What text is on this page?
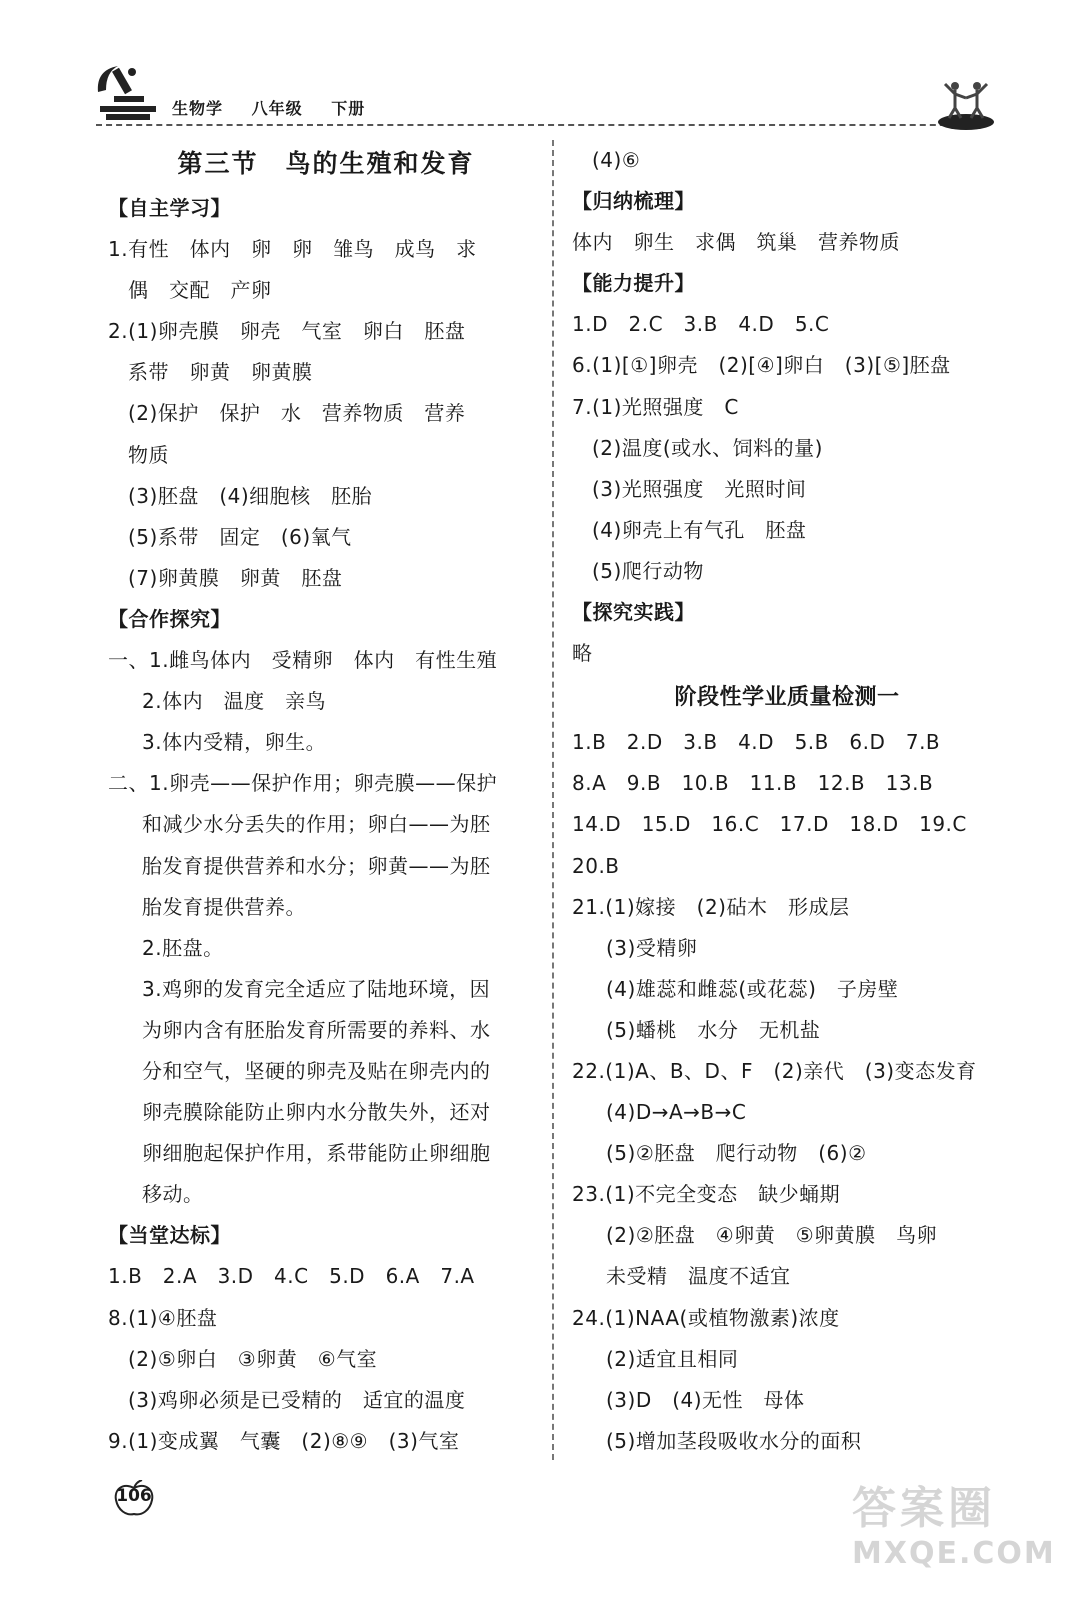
生物学 八年级 下册
第三节　鸟的生殖和发育
【自主学习】
1.有性　体内　卵　卵　雏鸟　成鸟　求
偶　交配　产卵
2.(1)卵壳膜　卵壳　气室　卵白　胚盘
系带　卵黄　卵黄膜
(2)保护　保护　水　营养物质　营养
物质
(3)胚盘　(4)细胞核　胚胎
(5)系带　固定　(6)氧气
(7)卵黄膜　卵黄　胚盘
【合作探究】
一、1.雌鸟体内　受精卵　体内　有性生殖
2.体内　温度　亲鸟
3.体内受精，卵生。
二、1.卵壳——保护作用；卵壳膜——保护
和减少水分丢失的作用；卵白——为胚
胎发育提供营养和水分；卵黄——为胚
胎发育提供营养。
2.胚盘。
3.鸡卵的发育完全适应了陆地环境，因
为卵内含有胚胎发育所需要的养料、水
分和空气，坚硬的卵壳及贴在卵壳内的
卵壳膜除能防止卵内水分散失外，还对
卵细胞起保护作用，系带能防止卵细胞
移动。
【当堂达标】
1.B　2.A　3.D　4.C　5.D　6.A　7.A
8.(1)④胚盘
(2)⑤卵白　③卵黄　⑥气室
(3)鸡卵必须是已受精的　适宜的温度
9.(1)变成翼　气囊　(2)⑧⑨　(3)气室
(4)⑥
【归纳梳理】
体内　卵生　求偶　筑巢　营养物质
【能力提升】
1.D　2.C　3.B　4.D　5.C
6.(1)[①]卵壳　(2)[④]卵白　(3)[⑤]胚盘
7.(1)光照强度　C
(2)温度(或水、饲料的量)
(3)光照强度　光照时间
(4)卵壳上有气孔　胚盘
(5)爬行动物
【探究实践】
略
阶段性学业质量检测一
1.B　2.D　3.B　4.D　5.B　6.D　7.B
8.A　9.B　10.B　11.B　12.B　13.B
14.D　15.D　16.C　17.D　18.D　19.C
20.B
21.(1)嫁接　(2)砧木　形成层
(3)受精卵
(4)雄蕊和雌蕊(或花蕊)　子房壁
(5)蟠桃　水分　无机盐
22.(1)A、B、D、F　(2)亲代　(3)变态发育
(4)D→A→B→C
(5)②胚盘　爬行动物　(6)②
23.(1)不完全变态　缺少蛹期
(2)②胚盘　④卵黄　⑤卵黄膜　鸟卵
未受精　温度不适宜
24.(1)NAA(或植物激素)浓度
(2)适宜且相同
(3)D　(4)无性　母体
(5)增加茎段吸收水分的面积
106	答案圈
MXQE.COM
